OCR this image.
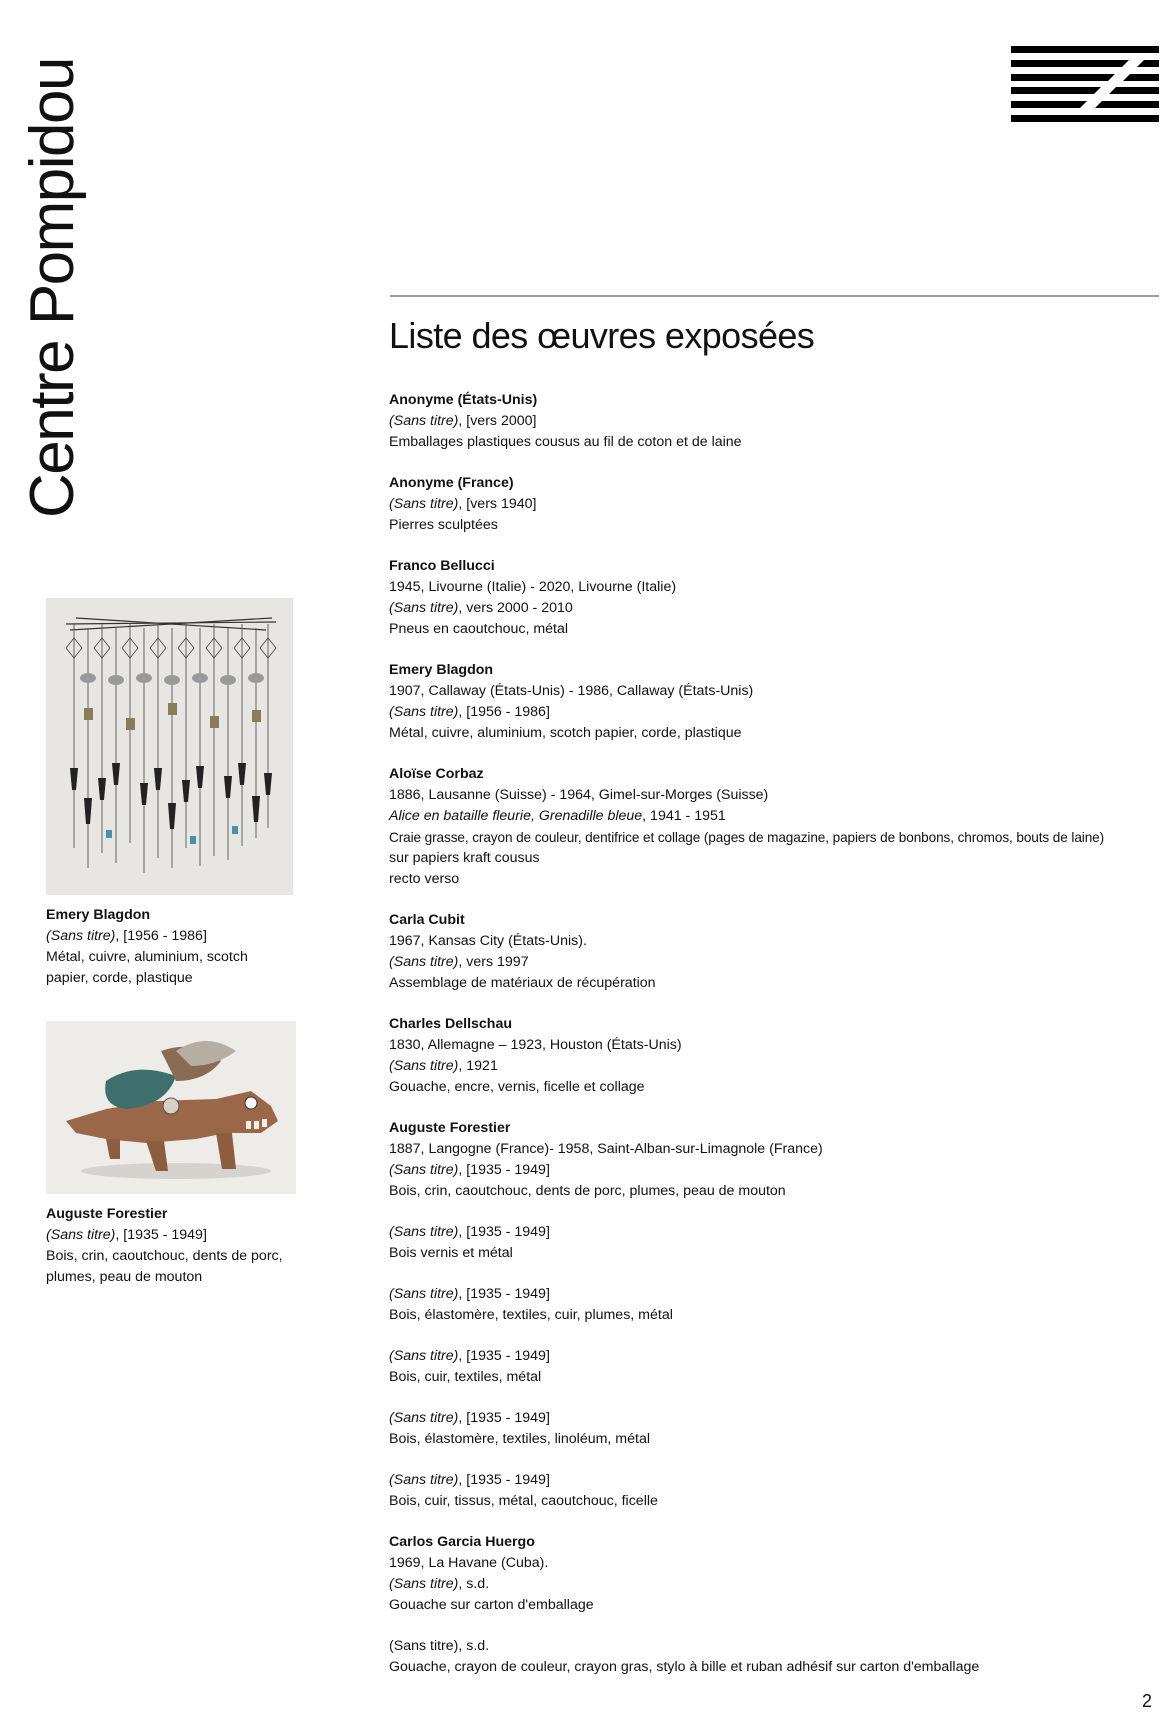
Centre Pompidou	Liste des œuvres exposées
Emery Blagdon
(Sans titre), [1956 - 1986]
Métal, cuivre, aluminium, scotch
papier, corde, plastique
Auguste Forestier
(Sans titre), [1935 - 1949]
Bois, crin, caoutchouc, dents de porc,
plumes, peau de mouton
Anonyme (États-Unis)
(Sans titre), [vers 2000]
Emballages plastiques cousus au fil de coton et de laine
Anonyme (France)
(Sans titre), [vers 1940]
Pierres sculptées
Franco Bellucci
1945, Livourne (Italie) - 2020, Livourne (Italie)
(Sans titre), vers 2000 - 2010
Pneus en caoutchouc, métal
Emery Blagdon
1907, Callaway (États-Unis) - 1986, Callaway (États-Unis)
(Sans titre), [1956 - 1986]
Métal, cuivre, aluminium, scotch papier, corde, plastique
Aloïse Corbaz
1886, Lausanne (Suisse) - 1964, Gimel-sur-Morges (Suisse)
Alice en bataille fleurie, Grenadille bleue, 1941 - 1951
Craie grasse, crayon de couleur, dentifrice et collage (pages de magazine, papiers de bonbons, chromos, bouts de laine)
sur papiers kraft cousus
recto verso
Carla Cubit
1967, Kansas City (États-Unis).
(Sans titre), vers 1997
Assemblage de matériaux de récupération
Charles Dellschau
1830, Allemagne – 1923, Houston (États-Unis)
(Sans titre), 1921
Gouache, encre, vernis, ficelle et collage
Auguste Forestier
1887, Langogne (France)- 1958, Saint-Alban-sur-Limagnole (France)
(Sans titre), [1935 - 1949]
Bois, crin, caoutchouc, dents de porc, plumes, peau de mouton
(Sans titre), [1935 - 1949]
Bois vernis et métal
(Sans titre), [1935 - 1949]
Bois, élastomère, textiles, cuir, plumes, métal
(Sans titre), [1935 - 1949]
Bois, cuir, textiles, métal
(Sans titre), [1935 - 1949]
Bois, élastomère, textiles, linoléum, métal
(Sans titre), [1935 - 1949]
Bois, cuir, tissus, métal, caoutchouc, ficelle
Carlos Garcia Huergo
1969, La Havane (Cuba).
(Sans titre), s.d.
Gouache sur carton d'emballage
(Sans titre), s.d.
Gouache, crayon de couleur, crayon gras, stylo à bille et ruban adhésif sur carton d'emballage
2
